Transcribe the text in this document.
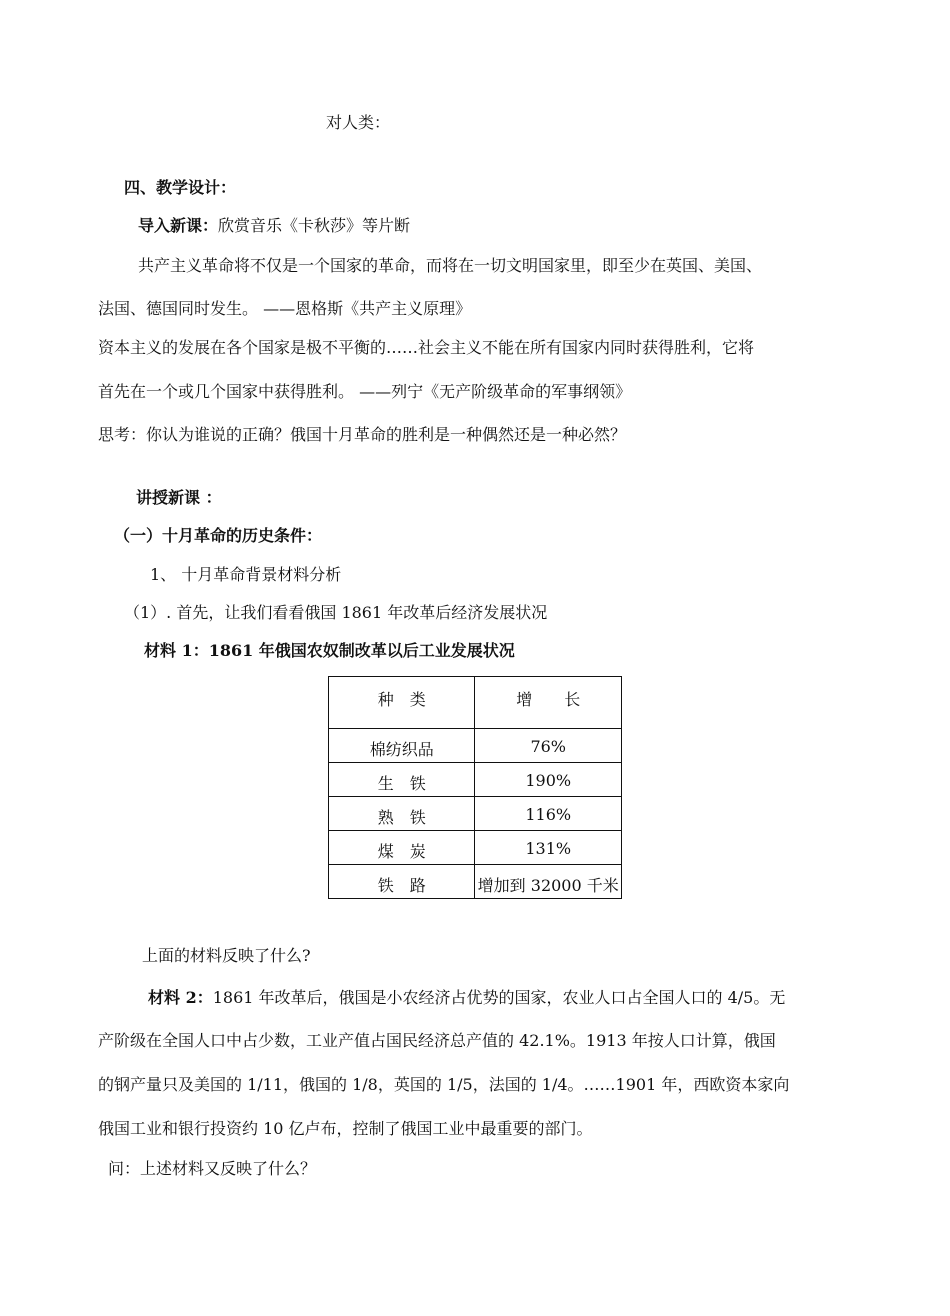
对人类：
四、教学设计：
导入新课：欣赏音乐《卡秋莎》等片断
共产主义革命将不仅是一个国家的革命，而将在一切文明国家里，即至少在英国、美国、
法国、德国同时发生。 ——恩格斯《共产主义原理》
资本主义的发展在各个国家是极不平衡的……社会主义不能在所有国家内同时获得胜利，它将
首先在一个或几个国家中获得胜利。 ——列宁《无产阶级革命的军事纲领》
思考：你认为谁说的正确？俄国十月革命的胜利是一种偶然还是一种必然？
讲授新课 ：
（一）十月革命的历史条件：
1、 十月革命背景材料分析
（1）. 首先，让我们看看俄国 1861 年改革后经济发展状况
材料 1：1861 年俄国农奴制改革以后工业发展状况
种　类	增　　长
棉纺织品	76%
生　铁	190%
熟　铁	116%
煤　炭	131%
铁　路	增加到 32000 千米
上面的材料反映了什么?
材料 2：1861 年改革后，俄国是小农经济占优势的国家，农业人口占全国人口的 4/5。无
产阶级在全国人口中占少数，工业产值占国民经济总产值的 42.1%。1913 年按人口计算，俄国
的钢产量只及美国的 1/11，俄国的 1/8，英国的 1/5，法国的 1/4。……1901 年，西欧资本家向
俄国工业和银行投资约 10 亿卢布，控制了俄国工业中最重要的部门。
问：上述材料又反映了什么？
